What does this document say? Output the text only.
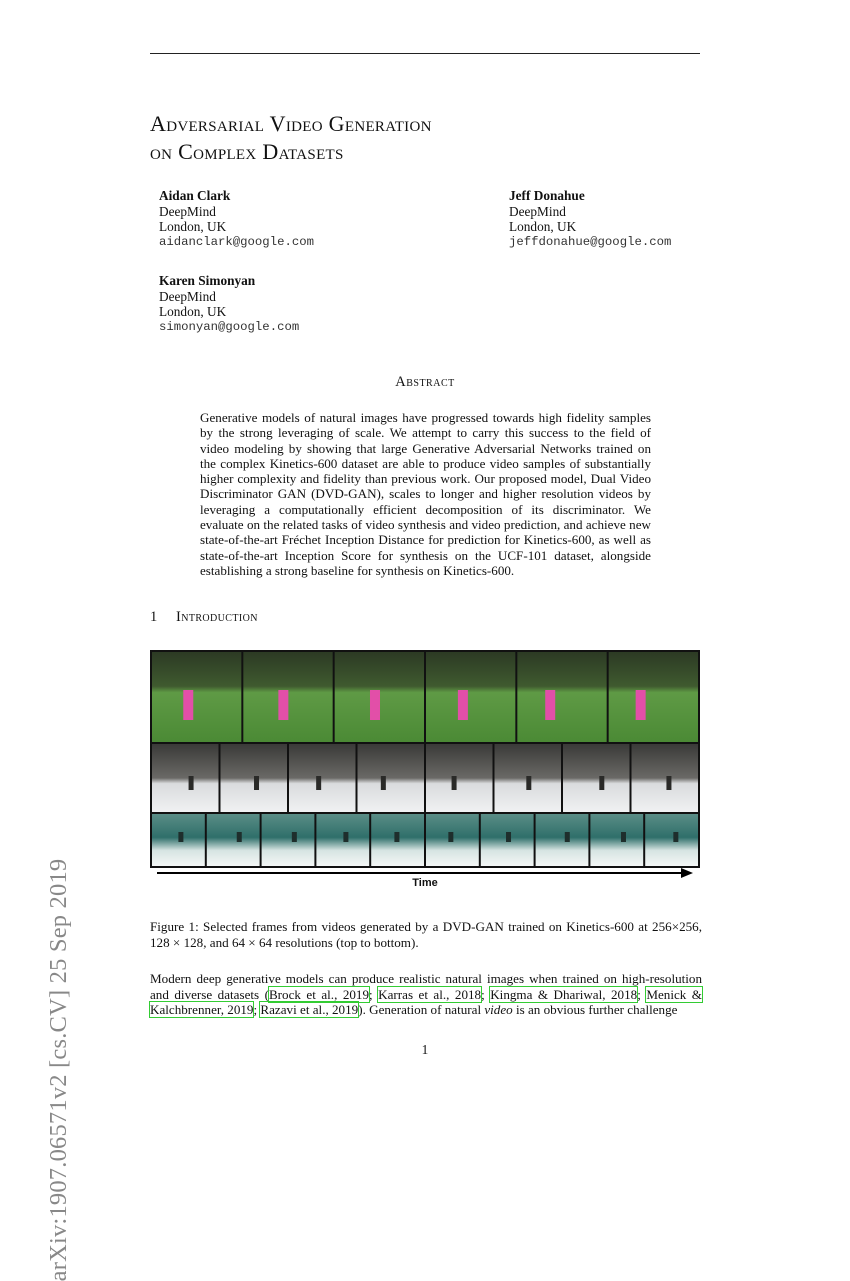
arXiv:1907.06571v2 [cs.CV] 25 Sep 2019
Adversarial Video Generation
on Complex Datasets
Aidan Clark
DeepMind
London, UK
aidanclark@google.com
Jeff Donahue
DeepMind
London, UK
jeffdonahue@google.com
Karen Simonyan
DeepMind
London, UK
simonyan@google.com
Abstract
Generative models of natural images have progressed towards high fidelity samples by the strong leveraging of scale. We attempt to carry this success to the field of video modeling by showing that large Generative Adversarial Networks trained on the complex Kinetics-600 dataset are able to produce video samples of substantially higher complexity and fidelity than previous work. Our proposed model, Dual Video Discriminator GAN (DVD-GAN), scales to longer and higher resolution videos by leveraging a computationally efficient decomposition of its discriminator. We evaluate on the related tasks of video synthesis and video prediction, and achieve new state-of-the-art Fréchet Inception Distance for prediction for Kinetics-600, as well as state-of-the-art Inception Score for synthesis on the UCF-101 dataset, alongside establishing a strong baseline for synthesis on Kinetics-600.
1 Introduction
Time
Figure 1: Selected frames from videos generated by a DVD-GAN trained on Kinetics-600 at 256×256, 128 × 128, and 64 × 64 resolutions (top to bottom).
Modern deep generative models can produce realistic natural images when trained on high-resolution and diverse datasets (Brock et al., 2019; Karras et al., 2018; Kingma & Dhariwal, 2018; Menick & Kalchbrenner, 2019; Razavi et al., 2019). Generation of natural video is an obvious further challenge
1
